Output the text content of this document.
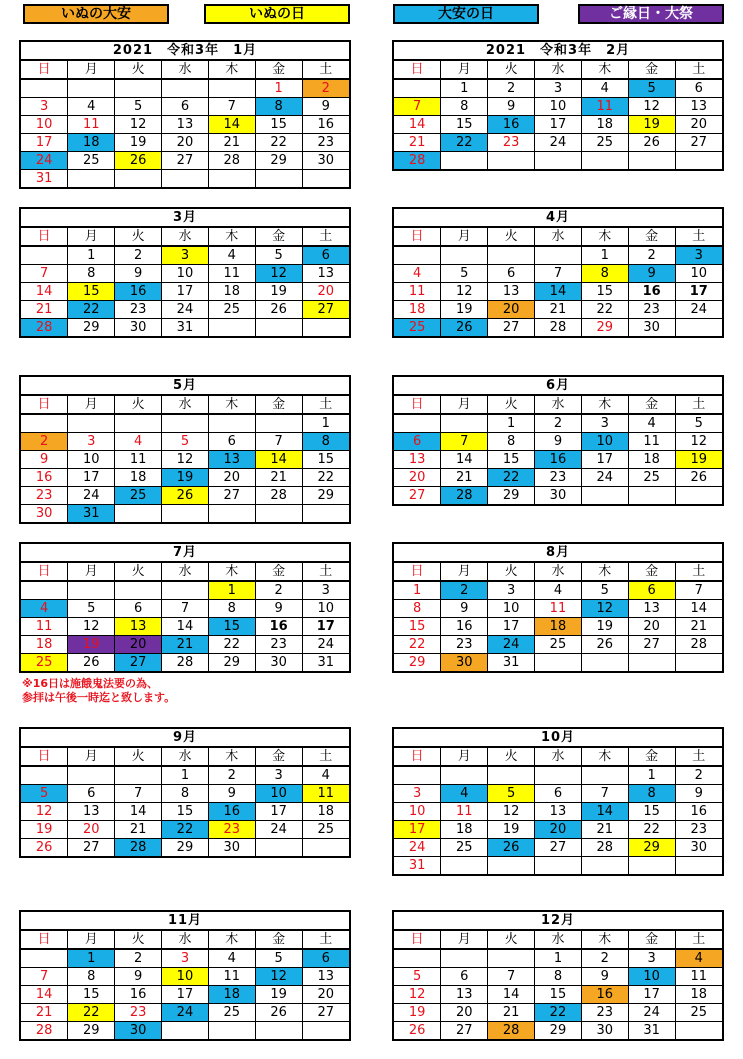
いぬの大安	いぬの日	大安の日	ご縁日・大祭
2021　令和3年　1月
日	月	火	水	木	金	土
					1	2
3	4	5	6	7	8	9
10	11	12	13	14	15	16
17	18	19	20	21	22	23
24	25	26	27	28	29	30
31						
2021　令和3年　2月
日	月	火	水	木	金	土
	1	2	3	4	5	6
7	8	9	10	11	12	13
14	15	16	17	18	19	20
21	22	23	24	25	26	27
28						
3月
日	月	火	水	木	金	土
	1	2	3	4	5	6
7	8	9	10	11	12	13
14	15	16	17	18	19	20
21	22	23	24	25	26	27
28	29	30	31			
4月
日	月	火	水	木	金	土
				1	2	3
4	5	6	7	8	9	10
11	12	13	14	15	16	17
18	19	20	21	22	23	24
25	26	27	28	29	30	
5月
日	月	火	水	木	金	土
						1
2	3	4	5	6	7	8
9	10	11	12	13	14	15
16	17	18	19	20	21	22
23	24	25	26	27	28	29
30	31					
6月
日	月	火	水	木	金	土
		1	2	3	4	5
6	7	8	9	10	11	12
13	14	15	16	17	18	19
20	21	22	23	24	25	26
27	28	29	30			
7月
日	月	火	水	木	金	土
				1	2	3
4	5	6	7	8	9	10
11	12	13	14	15	16	17
18	19	20	21	22	23	24
25	26	27	28	29	30	31
8月
日	月	火	水	木	金	土
1	2	3	4	5	6	7
8	9	10	11	12	13	14
15	16	17	18	19	20	21
22	23	24	25	26	27	28
29	30	31				
9月
日	月	火	水	木	金	土
			1	2	3	4
5	6	7	8	9	10	11
12	13	14	15	16	17	18
19	20	21	22	23	24	25
26	27	28	29	30		
10月
日	月	火	水	木	金	土
					1	2
3	4	5	6	7	8	9
10	11	12	13	14	15	16
17	18	19	20	21	22	23
24	25	26	27	28	29	30
31						
11月
日	月	火	水	木	金	土
	1	2	3	4	5	6
7	8	9	10	11	12	13
14	15	16	17	18	19	20
21	22	23	24	25	26	27
28	29	30				
12月
日	月	火	水	木	金	土
			1	2	3	4
5	6	7	8	9	10	11
12	13	14	15	16	17	18
19	20	21	22	23	24	25
26	27	28	29	30	31	
※16日は施餓鬼法要の為、
参拝は午後一時迄と致します。
